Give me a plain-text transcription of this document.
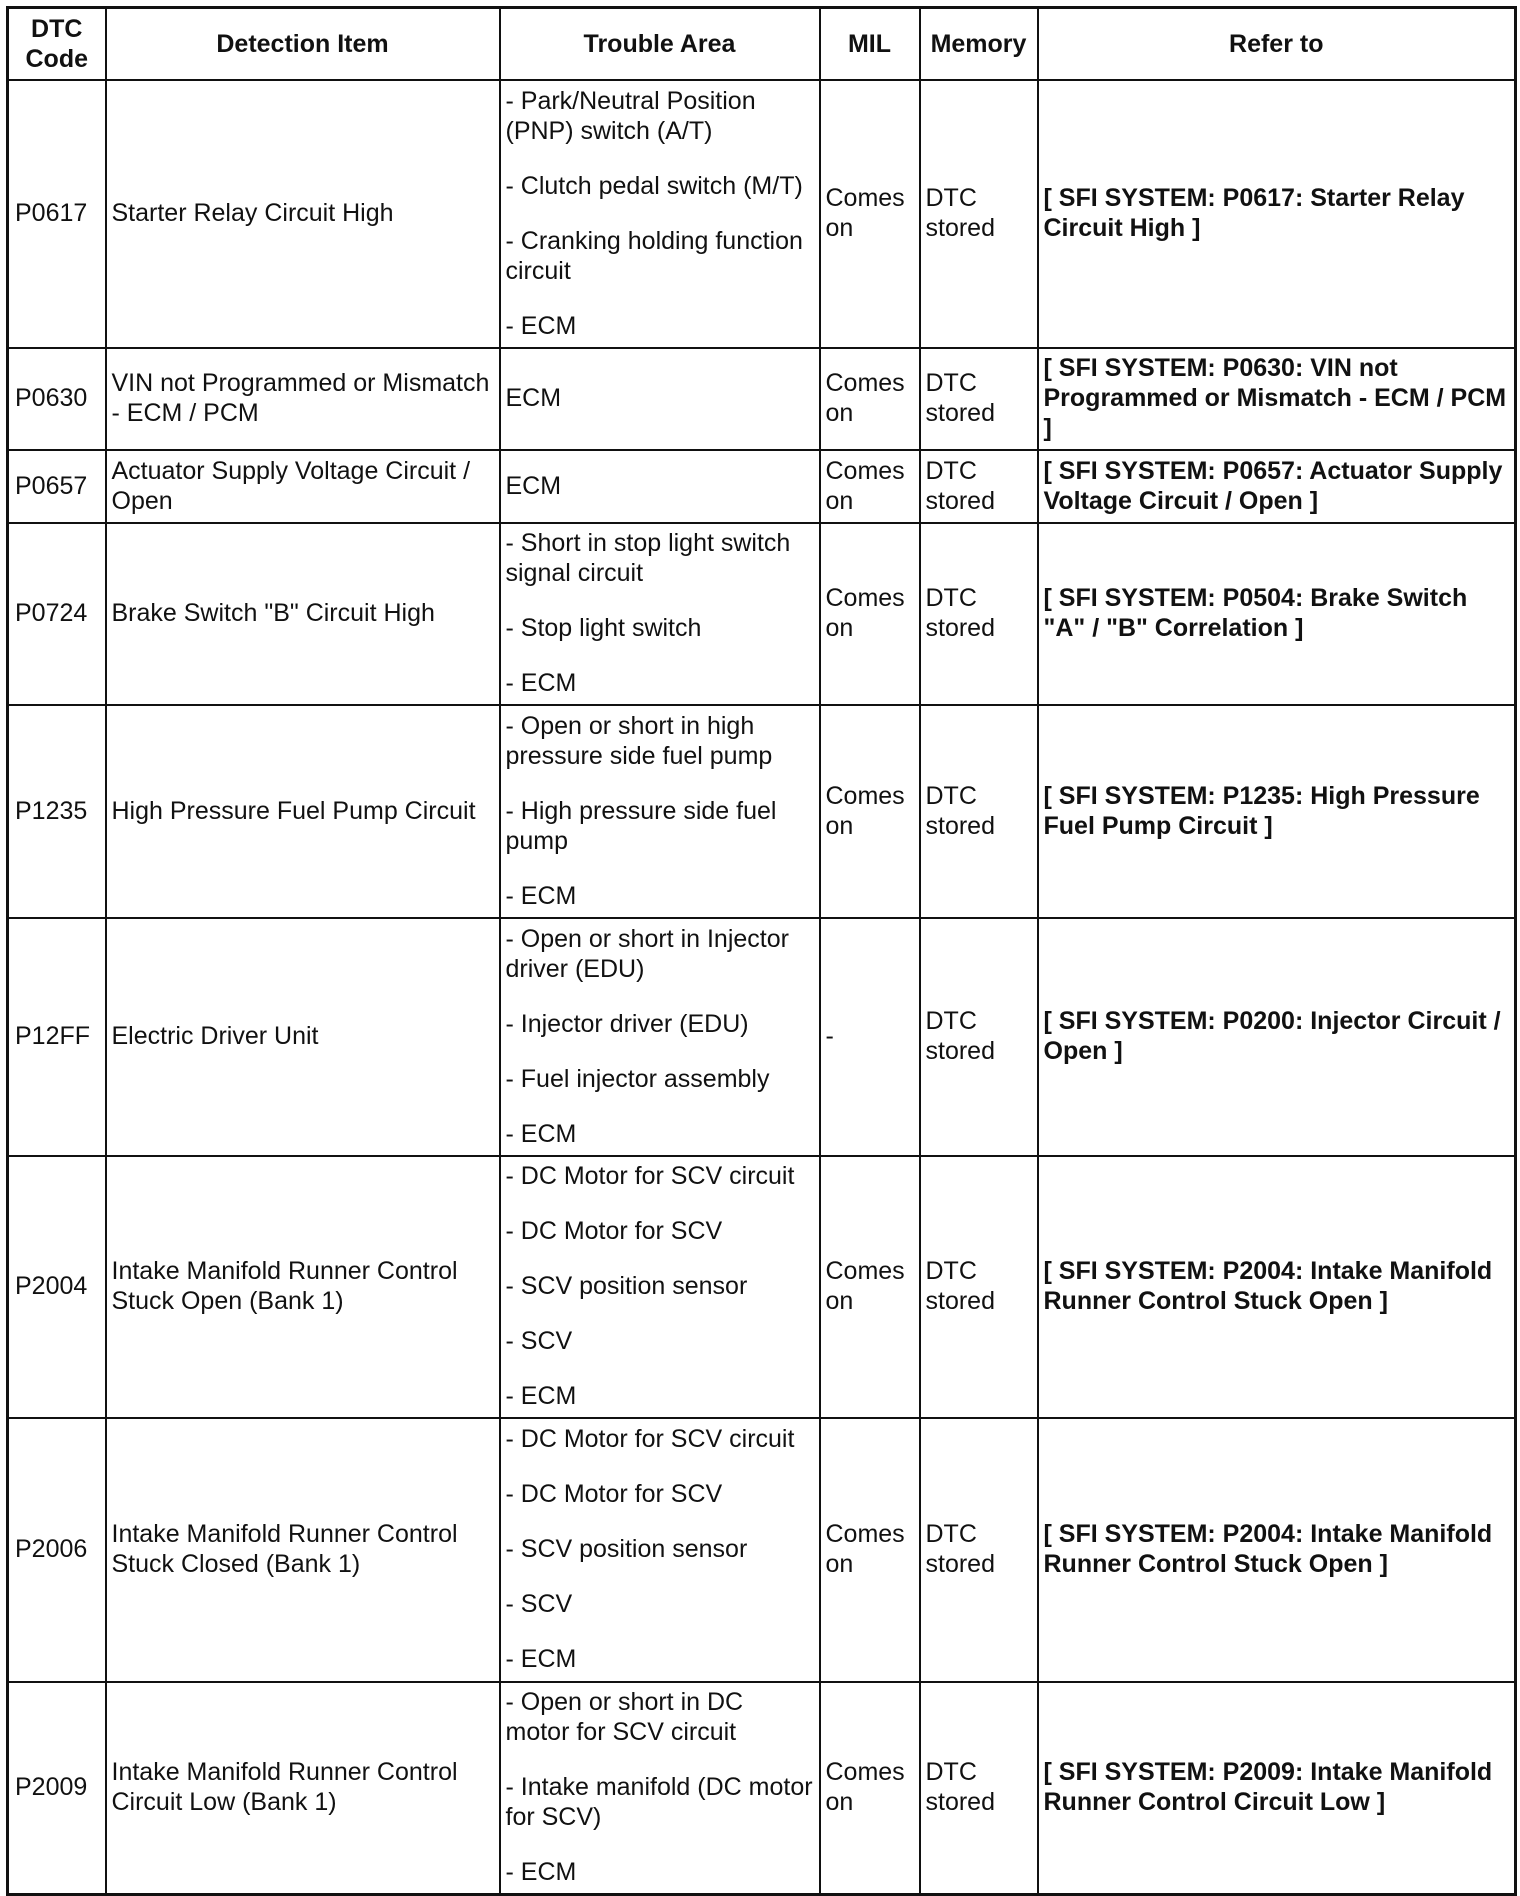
DTC
Code	Detection Item	Trouble Area	MIL	Memory	Refer to
P0617	Starter Relay Circuit High	- Park/Neutral Position (PNP) switch (A/T)
- Clutch pedal switch (M/T)
- Cranking holding function circuit
- ECM	Comes on	DTC stored	[ SFI SYSTEM: P0617: Starter Relay Circuit High ]
P0630	VIN not Programmed or Mismatch - ECM / PCM	ECM	Comes on	DTC stored	[ SFI SYSTEM: P0630: VIN not Programmed or Mismatch - ECM / PCM ]
P0657	Actuator Supply Voltage Circuit / Open	ECM	Comes on	DTC stored	[ SFI SYSTEM: P0657: Actuator Supply Voltage Circuit / Open ]
P0724	Brake Switch "B" Circuit High	- Short in stop light switch signal circuit
- Stop light switch
- ECM	Comes on	DTC stored	[ SFI SYSTEM: P0504: Brake Switch "A" / "B" Correlation ]
P1235	High Pressure Fuel Pump Circuit	- Open or short in high pressure side fuel pump
- High pressure side fuel pump
- ECM	Comes on	DTC stored	[ SFI SYSTEM: P1235: High Pressure Fuel Pump Circuit ]
P12FF	Electric Driver Unit	- Open or short in Injector driver (EDU)
- Injector driver (EDU)
- Fuel injector assembly
- ECM	-	DTC stored	[ SFI SYSTEM: P0200: Injector Circuit / Open ]
P2004	Intake Manifold Runner Control Stuck Open (Bank 1)	- DC Motor for SCV circuit
- DC Motor for SCV
- SCV position sensor
- SCV
- ECM	Comes on	DTC stored	[ SFI SYSTEM: P2004: Intake Manifold Runner Control Stuck Open ]
P2006	Intake Manifold Runner Control Stuck Closed (Bank 1)	- DC Motor for SCV circuit
- DC Motor for SCV
- SCV position sensor
- SCV
- ECM	Comes on	DTC stored	[ SFI SYSTEM: P2004: Intake Manifold Runner Control Stuck Open ]
P2009	Intake Manifold Runner Control Circuit Low (Bank 1)	- Open or short in DC motor for SCV circuit
- Intake manifold (DC motor for SCV)
- ECM	Comes on	DTC stored	[ SFI SYSTEM: P2009: Intake Manifold Runner Control Circuit Low ]
